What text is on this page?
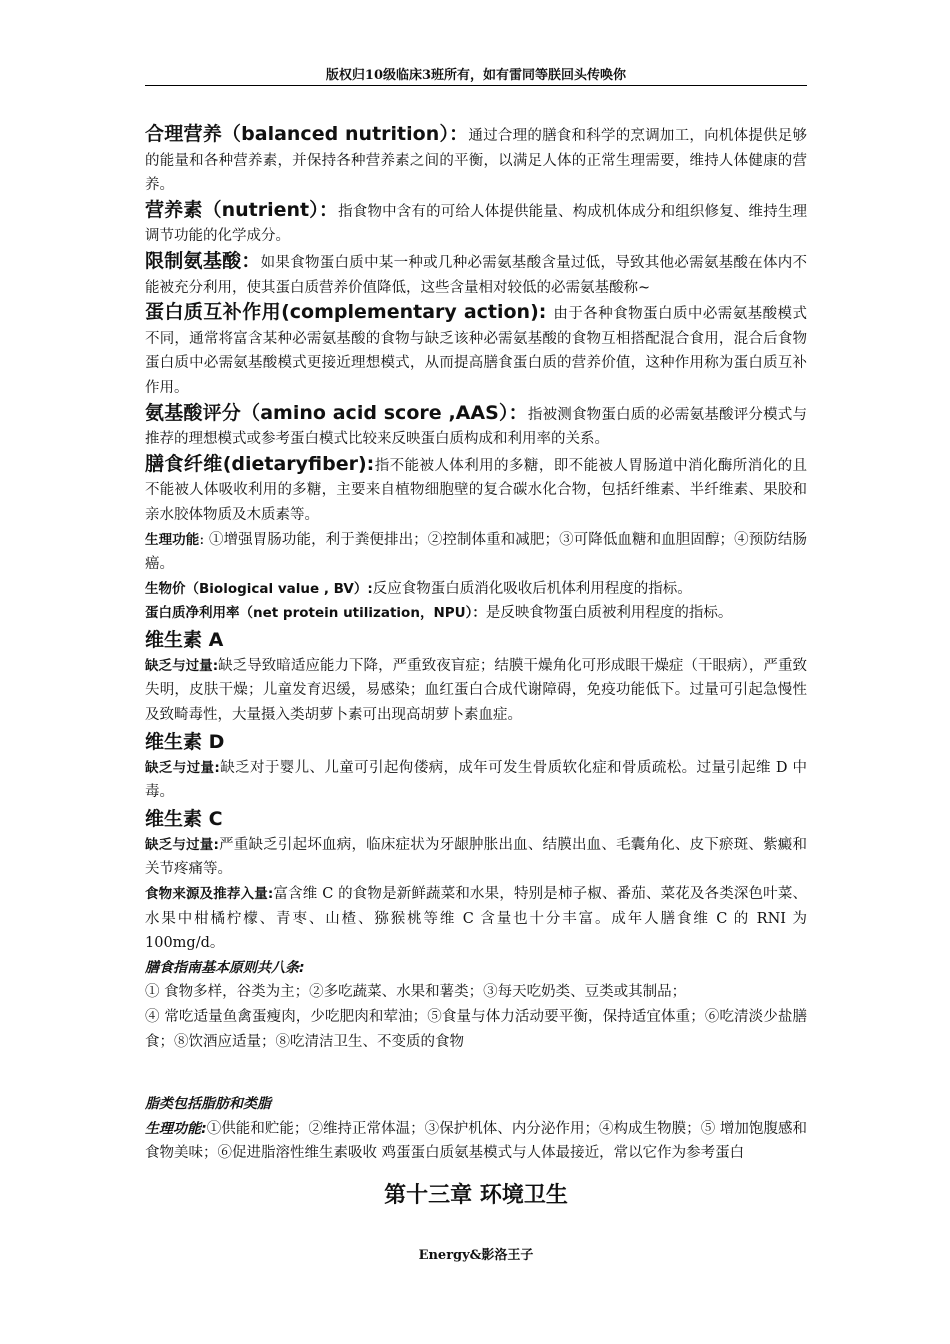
版权归10级临床3班所有，如有雷同等朕回头传唤你

合理营养（balanced nutrition）：通过合理的膳食和科学的烹调加工，向机体提供足够的能量和各种营养素，并保持各种营养素之间的平衡，以满足人体的正常生理需要，维持人体健康的营养。

营养素（nutrient）：指食物中含有的可给人体提供能量、构成机体成分和组织修复、维持生理调节功能的化学成分。

限制氨基酸：如果食物蛋白质中某一种或几种必需氨基酸含量过低，导致其他必需氨基酸在体内不能被充分利用，使其蛋白质营养价值降低，这些含量相对较低的必需氨基酸称~

蛋白质互补作用(complementary action): 由于各种食物蛋白质中必需氨基酸模式不同，通常将富含某种必需氨基酸的食物与缺乏该种必需氨基酸的食物互相搭配混合食用，混合后食物蛋白质中必需氨基酸模式更接近理想模式，从而提高膳食蛋白质的营养价值，这种作用称为蛋白质互补作用。

氨基酸评分（amino acid score ,AAS）：指被测食物蛋白质的必需氨基酸评分模式与推荐的理想模式或参考蛋白模式比较来反映蛋白质构成和利用率的关系。

膳食纤维(dietaryfiber):指不能被人体利用的多糖，即不能被人胃肠道中消化酶所消化的且不能被人体吸收利用的多糖，主要来自植物细胞壁的复合碳水化合物，包括纤维素、半纤维素、果胶和亲水胶体物质及木质素等。

生理功能: ①增强胃肠功能，利于粪便排出；②控制体重和减肥；③可降低血糖和血胆固醇；④预防结肠癌。

生物价（Biological value , BV）:反应食物蛋白质消化吸收后机体利用程度的指标。

蛋白质净利用率（net protein utilization，NPU）：是反映食物蛋白质被利用程度的指标。

维生素 A

缺乏与过量:缺乏导致暗适应能力下降，严重致夜盲症；结膜干燥角化可形成眼干燥症（干眼病），严重致失明，皮肤干燥；儿童发育迟缓，易感染；血红蛋白合成代谢障碍，免疫功能低下。过量可引起急慢性及致畸毒性，大量摄入类胡萝卜素可出现高胡萝卜素血症。

维生素 D

缺乏与过量:缺乏对于婴儿、儿童可引起佝偻病，成年可发生骨质软化症和骨质疏松。过量引起维 D 中毒。

维生素 C

缺乏与过量:严重缺乏引起坏血病，临床症状为牙龈肿胀出血、结膜出血、毛囊角化、皮下瘀斑、紫癜和关节疼痛等。

食物来源及推荐入量:富含维 C 的食物是新鲜蔬菜和水果，特别是柿子椒、番茄、菜花及各类深色叶菜、水果中柑橘柠檬、青枣、山楂、猕猴桃等维 C 含量也十分丰富。成年人膳食维 C 的 RNI 为 100mg/d。

膳食指南基本原则共八条:

① 食物多样，谷类为主；②多吃蔬菜、水果和薯类；③每天吃奶类、豆类或其制品；

④ 常吃适量鱼禽蛋瘦肉，少吃肥肉和荤油；⑤食量与体力活动要平衡，保持适宜体重；⑥吃清淡少盐膳食；⑧饮酒应适量；⑧吃清洁卫生、不变质的食物

脂类包括脂肪和类脂

生理功能:①供能和贮能；②维持正常体温；③保护机体、内分泌作用；④构成生物膜；⑤ 增加饱腹感和食物美味；⑥促进脂溶性维生素吸收 鸡蛋蛋白质氨基模式与人体最接近，常以它作为参考蛋白

第十三章 环境卫生
Energy&影洛王子
